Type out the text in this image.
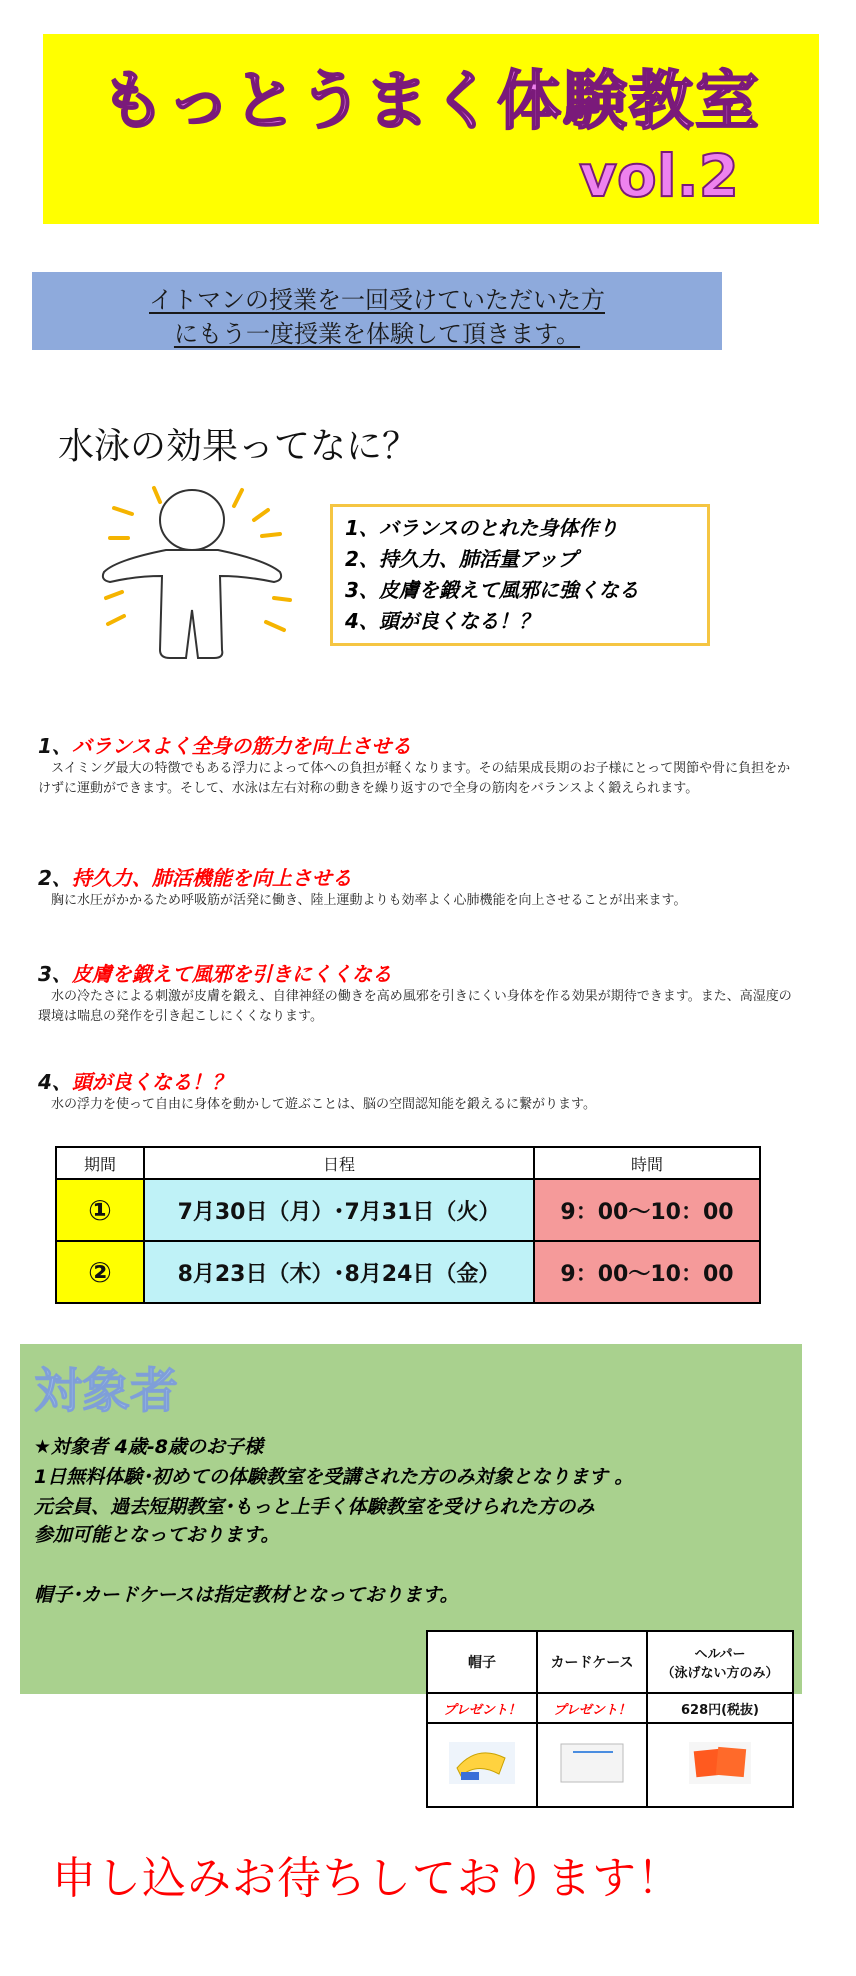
もっとうまく体験教室
vol.2
イトマンの授業を一回受けていただいた方
にもう一度授業を体験して頂きます。
水泳の効果ってなに？
1、バランスのとれた身体作り
2、持久力、肺活量アップ
3、皮膚を鍛えて風邪に強くなる
4、頭が良くなる！？
1、バランスよく全身の筋力を向上させる
スイミング最大の特徴でもある浮力によって体への負担が軽くなります。その結果成長期のお子様にとって関節や骨に負担をかけずに運動ができます。そして、水泳は左右対称の動きを繰り返すので全身の筋肉をバランスよく鍛えられます。
2、持久力、肺活機能を向上させる
胸に水圧がかかるため呼吸筋が活発に働き、陸上運動よりも効率よく心肺機能を向上させることが出来ます。
3、皮膚を鍛えて風邪を引きにくくなる
水の冷たさによる刺激が皮膚を鍛え、自律神経の働きを高め風邪を引きにくい身体を作る効果が期待できます。また、高湿度の環境は喘息の発作を引き起こしにくくなります。
4、頭が良くなる！？
水の浮力を使って自由に身体を動かして遊ぶことは、脳の空間認知能を鍛えるに繋がります。
期間	日程	時間
①	7月30日（月）･7月31日（火）	9：00～10：00
②	8月23日（木）･8月24日（金）	9：00～10：00
対象者
★対象者 4歳‐8歳のお子様
1日無料体験･初めての体験教室を受講された方のみ対象となります 。
元会員、過去短期教室･もっと上手く体験教室を受けられた方のみ
参加可能となっております。
帽子･カードケースは指定教材となっております。
帽子	カードケース	ヘルパー
（泳げない方のみ）

プレゼント！	プレゼント！	628円(税抜)

申し込みお待ちしております！
